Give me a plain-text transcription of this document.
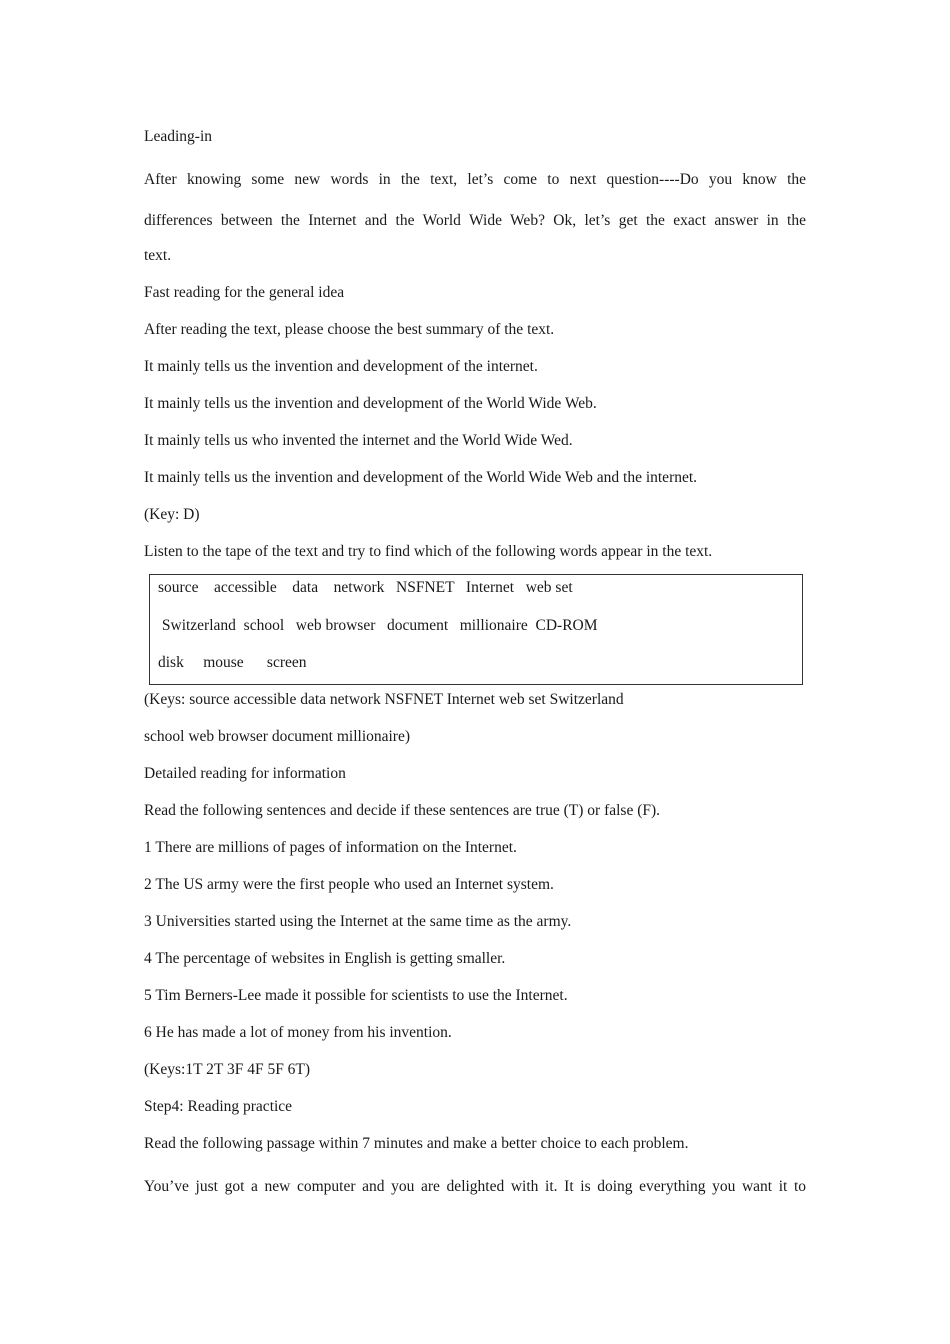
Leading-in
After knowing some new words in the text, let’s come to next question----Do you know the
differences between the Internet and the World Wide Web? Ok, let’s get the exact answer in the
text.
Fast reading for the general idea
After reading the text, please choose the best summary of the text.
It mainly tells us the invention and development of the internet.
It mainly tells us the invention and development of the World Wide Web.
It mainly tells us who invented the internet and the World Wide Wed.
It mainly tells us the invention and development of the World Wide Web and the internet.
(Key: D)
Listen to the tape of the text and try to find which of the following words appear in the text.
source    accessible    data    network   NSFNET   Internet   web set
Switzerland  school   web browser   document   millionaire  CD-ROM
disk     mouse      screen
(Keys: source accessible data network NSFNET Internet web set Switzerland
school web browser document millionaire)
Detailed reading for information
Read the following sentences and decide if these sentences are true (T) or false (F).
1 There are millions of pages of information on the Internet.
2 The US army were the first people who used an Internet system.
3 Universities started using the Internet at the same time as the army.
4 The percentage of websites in English is getting smaller.
5 Tim Berners-Lee made it possible for scientists to use the Internet.
6 He has made a lot of money from his invention.
(Keys:1T 2T 3F 4F 5F 6T)
Step4: Reading practice
Read the following passage within 7 minutes and make a better choice to each problem.
You’ve just got a new computer and you are delighted with it. It is doing everything you want it to
